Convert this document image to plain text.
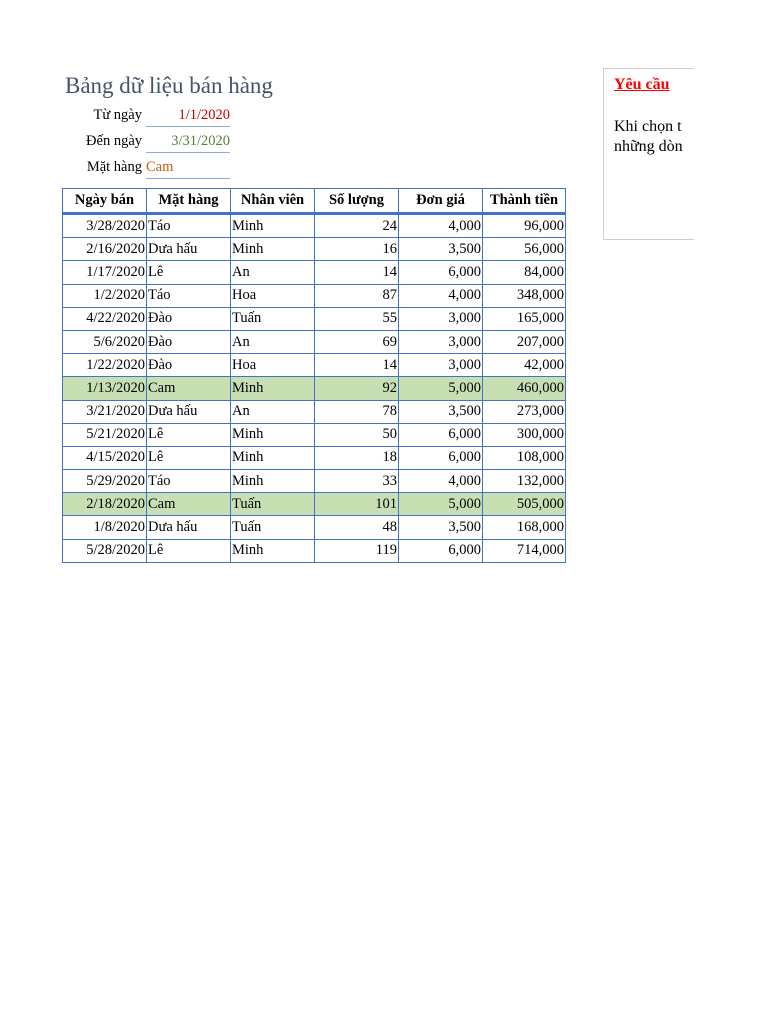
Bảng dữ liệu bán hàng
Từ ngày	1/1/2020
Đến ngày	3/31/2020
Mặt hàng Cam
Ngày bán	Mặt hàng	Nhân viên	Số lượng	Đơn giá	Thành tiền
3/28/2020	Táo	Minh	24	4,000	96,000
2/16/2020	Dưa hấu	Minh	16	3,500	56,000
1/17/2020	Lê	An	14	6,000	84,000
1/2/2020	Táo	Hoa	87	4,000	348,000
4/22/2020	Đào	Tuấn	55	3,000	165,000
5/6/2020	Đào	An	69	3,000	207,000
1/22/2020	Đào	Hoa	14	3,000	42,000
1/13/2020	Cam	Minh	92	5,000	460,000
3/21/2020	Dưa hấu	An	78	3,500	273,000
5/21/2020	Lê	Minh	50	6,000	300,000
4/15/2020	Lê	Minh	18	6,000	108,000
5/29/2020	Táo	Minh	33	4,000	132,000
2/18/2020	Cam	Tuấn	101	5,000	505,000
1/8/2020	Dưa hấu	Tuấn	48	3,500	168,000
5/28/2020	Lê	Minh	119	6,000	714,000
Yêu cầu
Khi chọn t
những dòn
